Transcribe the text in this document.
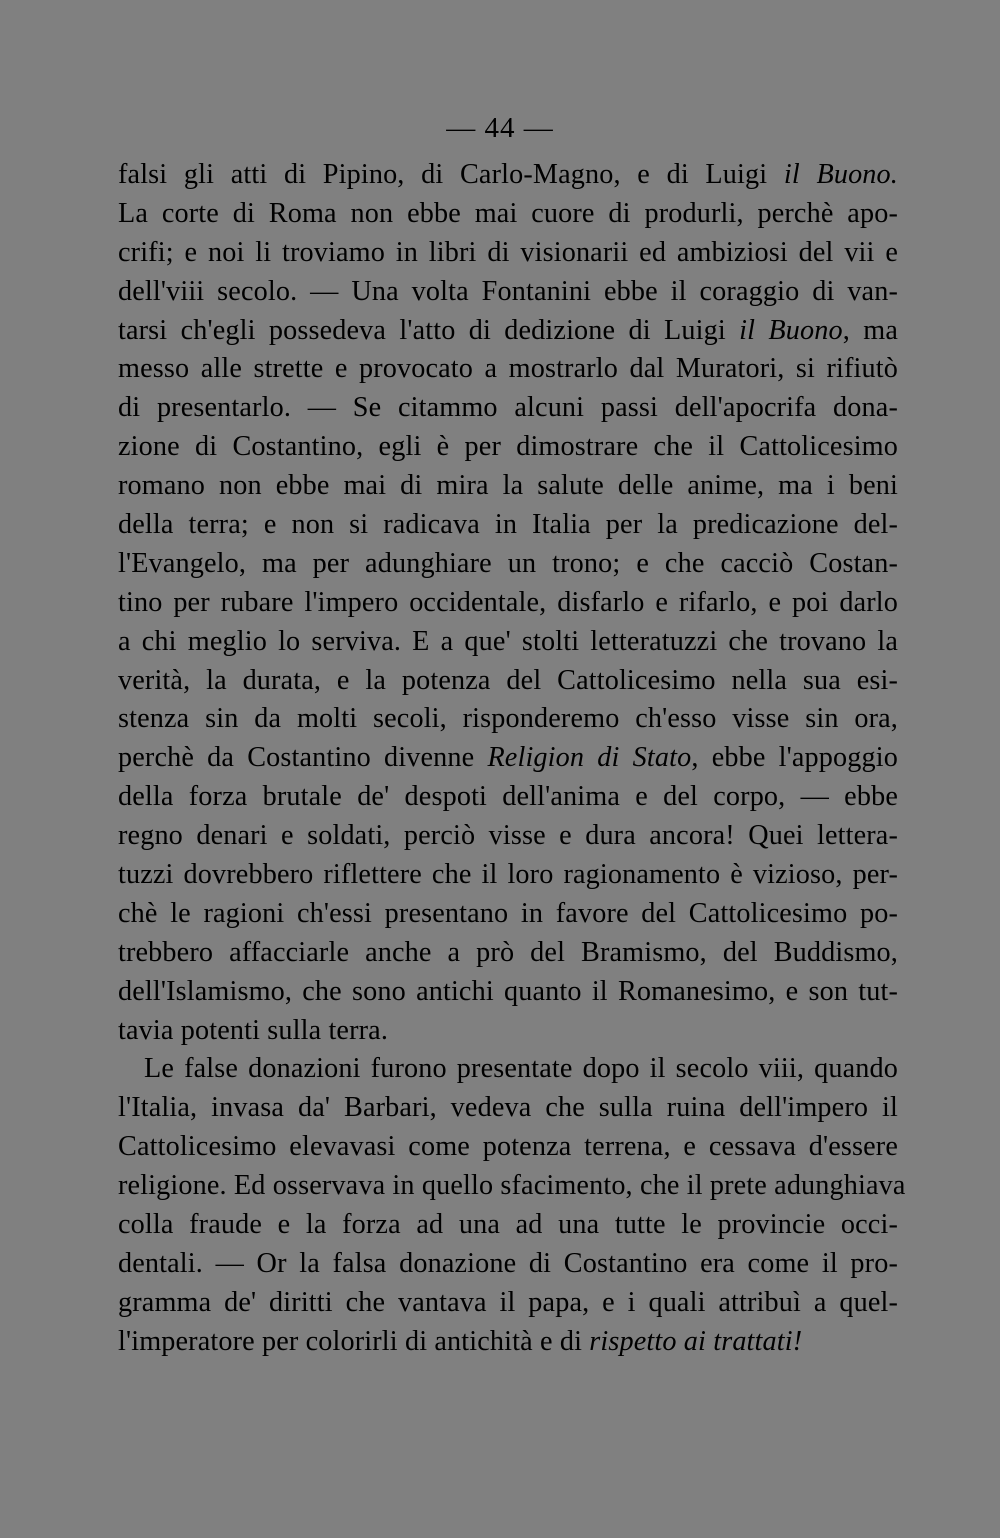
— 44 —
falsi gli atti di Pipino, di Carlo-Magno, e di Luigi il Buono.
La corte di Roma non ebbe mai cuore di produrli, perchè apo-
crifi; e noi li troviamo in libri di visionarii ed ambiziosi del vii e
dell'viii secolo. — Una volta Fontanini ebbe il coraggio di van-
tarsi ch'egli possedeva l'atto di dedizione di Luigi il Buono, ma
messo alle strette e provocato a mostrarlo dal Muratori, si rifiutò
di presentarlo. — Se citammo alcuni passi dell'apocrifa dona-
zione di Costantino, egli è per dimostrare che il Cattolicesimo
romano non ebbe mai di mira la salute delle anime, ma i beni
della terra; e non si radicava in Italia per la predicazione del-
l'Evangelo, ma per adunghiare un trono; e che cacciò Costan-
tino per rubare l'impero occidentale, disfarlo e rifarlo, e poi darlo
a chi meglio lo serviva. E a que' stolti letteratuzzi che trovano la
verità, la durata, e la potenza del Cattolicesimo nella sua esi-
stenza sin da molti secoli, risponderemo ch'esso visse sin ora,
perchè da Costantino divenne Religion di Stato, ebbe l'appoggio
della forza brutale de' despoti dell'anima e del corpo, — ebbe
regno denari e soldati, perciò visse e dura ancora! Quei lettera-
tuzzi dovrebbero riflettere che il loro ragionamento è vizioso, per-
chè le ragioni ch'essi presentano in favore del Cattolicesimo po-
trebbero affacciarle anche a prò del Bramismo, del Buddismo,
dell'Islamismo, che sono antichi quanto il Romanesimo, e son tut-
tavia potenti sulla terra.
Le false donazioni furono presentate dopo il secolo viii, quando
l'Italia, invasa da' Barbari, vedeva che sulla ruina dell'impero il
Cattolicesimo elevavasi come potenza terrena, e cessava d'essere
religione. Ed osservava in quello sfacimento, che il prete adunghiava
colla fraude e la forza ad una ad una tutte le provincie occi-
dentali. — Or la falsa donazione di Costantino era come il pro-
gramma de' diritti che vantava il papa, e i quali attribuì a quel-
l'imperatore per colorirli di antichità e di rispetto ai trattati!
